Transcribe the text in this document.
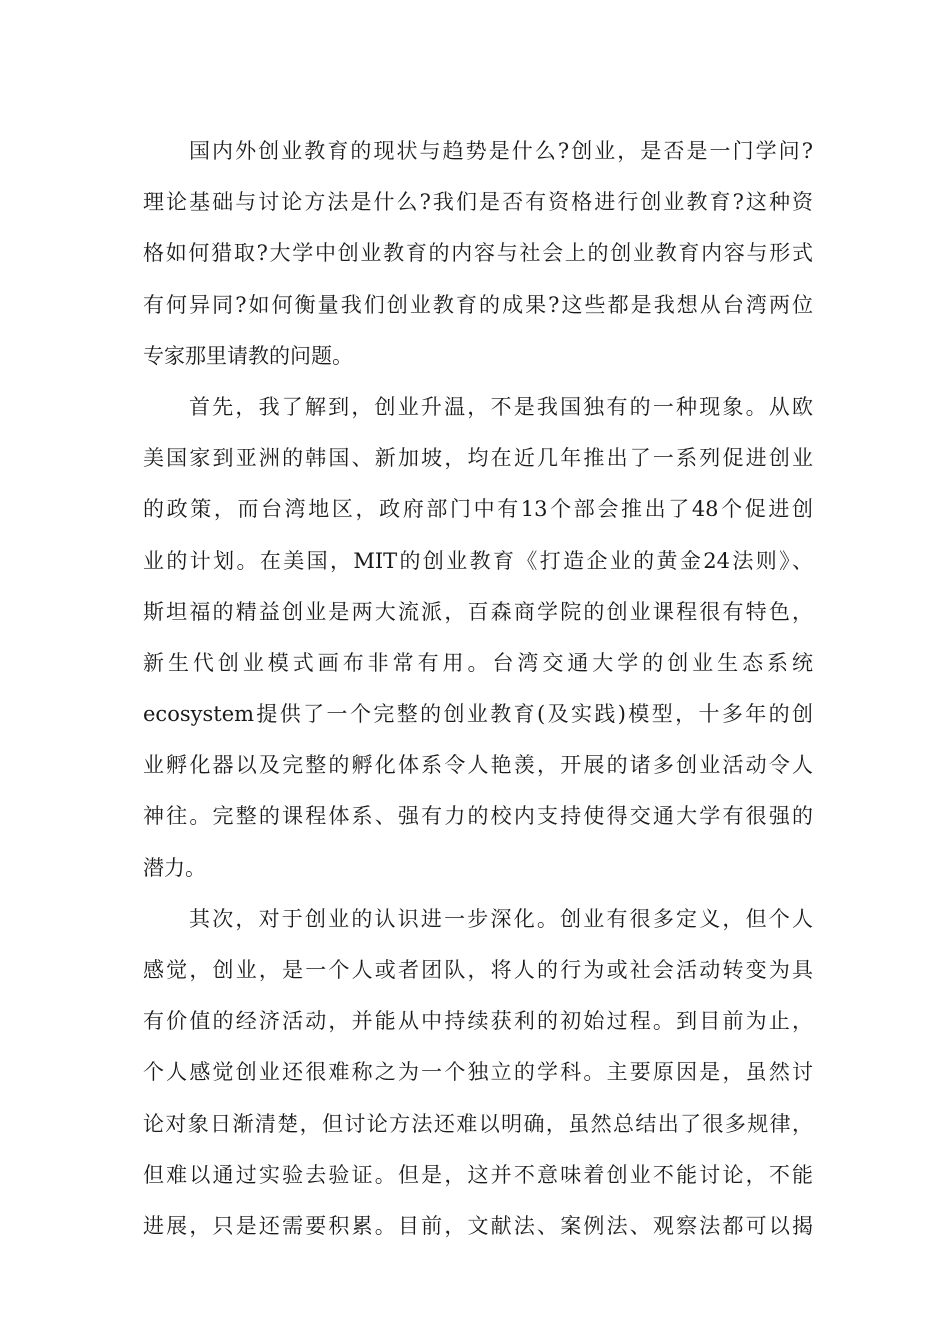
国内外创业教育的现状与趋势是什么?创业，是否是一门学问?
理论基础与讨论方法是什么?我们是否有资格进行创业教育?这种资
格如何猎取?大学中创业教育的内容与社会上的创业教育内容与形式
有何异同?如何衡量我们创业教育的成果?这些都是我想从台湾两位
专家那里请教的问题。
首先，我了解到，创业升温，不是我国独有的一种现象。从欧
美国家到亚洲的韩国、新加坡，均在近几年推出了一系列促进创业
的政策，而台湾地区，政府部门中有13个部会推出了48个促进创
业的计划。在美国，MIT的创业教育《打造企业的黄金24法则》、
斯坦福的精益创业是两大流派，百森商学院的创业课程很有特色，
新生代创业模式画布非常有用。台湾交通大学的创业生态系统
ecosystem提供了一个完整的创业教育(及实践)模型，十多年的创
业孵化器以及完整的孵化体系令人艳羡，开展的诸多创业活动令人
神往。完整的课程体系、强有力的校内支持使得交通大学有很强的
潜力。
其次，对于创业的认识进一步深化。创业有很多定义，但个人
感觉，创业，是一个人或者团队，将人的行为或社会活动转变为具
有价值的经济活动，并能从中持续获利的初始过程。到目前为止，
个人感觉创业还很难称之为一个独立的学科。主要原因是，虽然讨
论对象日渐清楚，但讨论方法还难以明确，虽然总结出了很多规律，
但难以通过实验去验证。但是，这并不意味着创业不能讨论，不能
进展，只是还需要积累。目前，文献法、案例法、观察法都可以揭
